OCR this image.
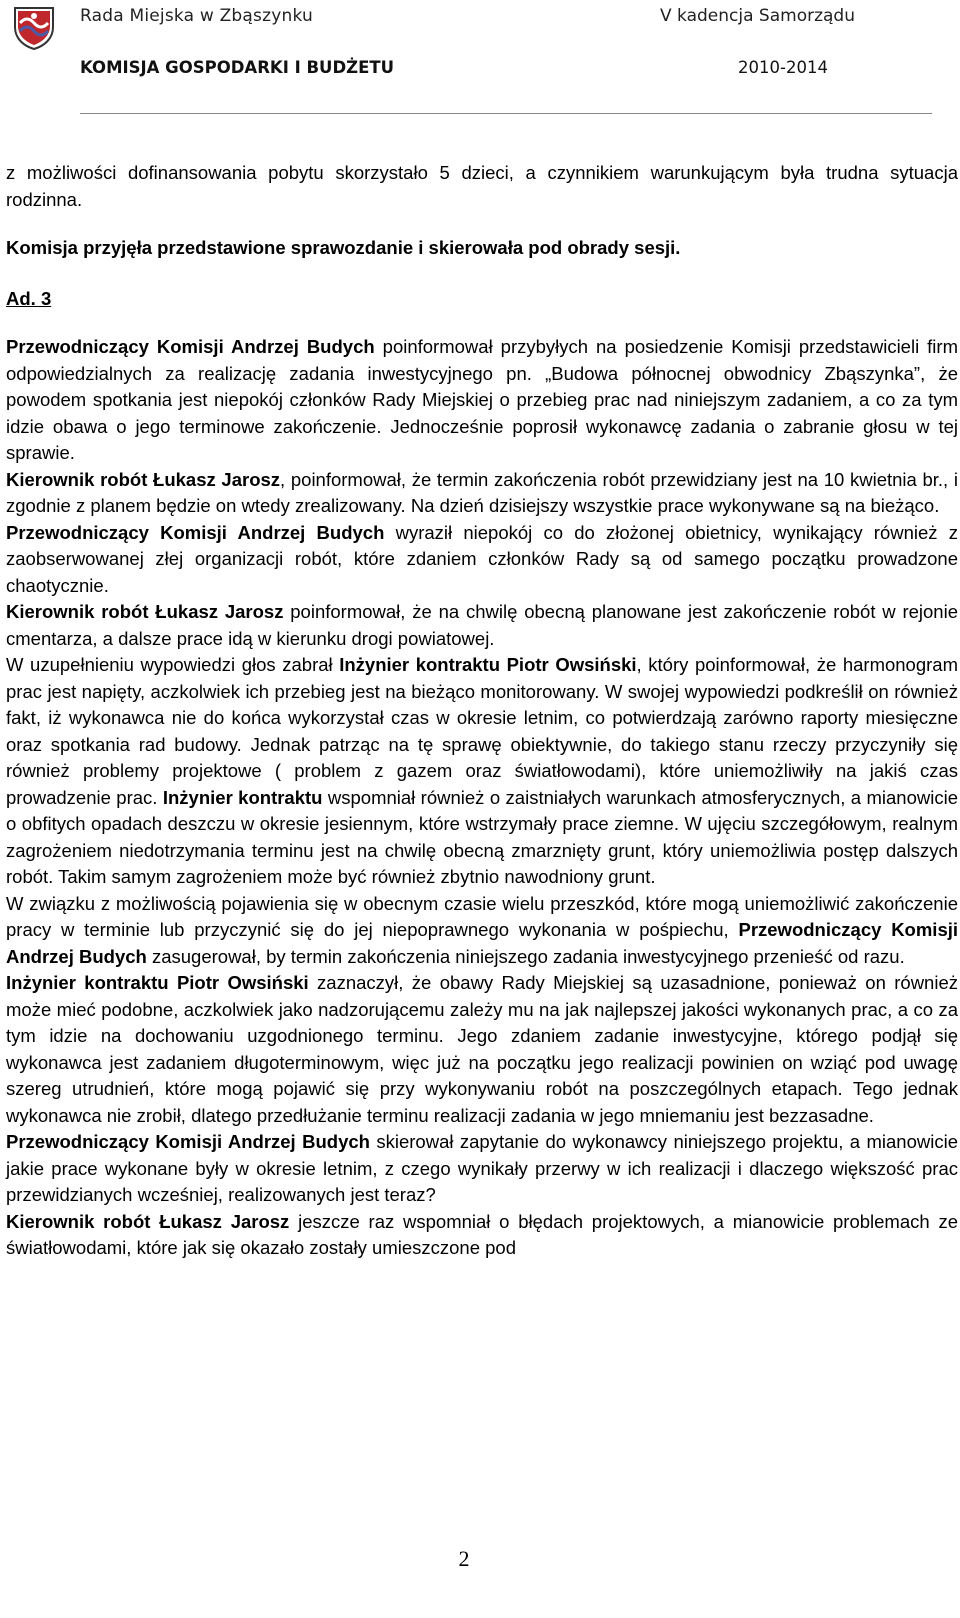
Rada Miejska w Zbąszynku	V kadencja Samorządu
KOMISJA GOSPODARKI I BUDŻETU	2010-2014

z możliwości dofinansowania pobytu skorzystało 5 dzieci, a czynnikiem warunkującym była trudna sytuacja rodzinna.

Komisja przyjęła przedstawione sprawozdanie i skierowała pod obrady sesji.

Ad. 3

Przewodniczący Komisji Andrzej Budych poinformował przybyłych na posiedzenie Komisji przedstawicieli firm odpowiedzialnych za realizację zadania inwestycyjnego pn. „Budowa północnej obwodnicy Zbąszynka”, że powodem spotkania jest niepokój członków Rady Miejskiej o przebieg prac nad niniejszym zadaniem, a co za tym idzie obawa o jego terminowe zakończenie. Jednocześnie poprosił wykonawcę zadania o zabranie głosu w tej sprawie.

Kierownik robót Łukasz Jarosz, poinformował, że termin zakończenia robót przewidziany jest na 10 kwietnia br., i zgodnie z planem będzie on wtedy zrealizowany. Na dzień dzisiejszy wszystkie prace wykonywane są na bieżąco.

Przewodniczący Komisji Andrzej Budych wyraził niepokój co do złożonej obietnicy, wynikający również z zaobserwowanej złej organizacji robót, które zdaniem członków Rady są od samego początku prowadzone chaotycznie.

Kierownik robót Łukasz Jarosz poinformował, że na chwilę obecną planowane jest zakończenie robót w rejonie cmentarza, a dalsze prace idą w kierunku drogi powiatowej.

W uzupełnieniu wypowiedzi głos zabrał Inżynier kontraktu Piotr Owsiński, który poinformował, że harmonogram prac jest napięty, aczkolwiek ich przebieg jest na bieżąco monitorowany. W swojej wypowiedzi podkreślił on również fakt, iż wykonawca nie do końca wykorzystał czas w okresie letnim, co potwierdzają zarówno raporty miesięczne oraz spotkania rad budowy. Jednak patrząc na tę sprawę obiektywnie, do takiego stanu rzeczy przyczyniły się również problemy projektowe ( problem z gazem oraz światłowodami), które uniemożliwiły na jakiś czas prowadzenie prac. Inżynier kontraktu wspomniał również o zaistniałych warunkach atmosferycznych, a mianowicie o obfitych opadach deszczu w okresie jesiennym, które wstrzymały prace ziemne. W ujęciu szczegółowym, realnym zagrożeniem niedotrzymania terminu jest na chwilę obecną zmarznięty grunt, który uniemożliwia postęp dalszych robót. Takim samym zagrożeniem może być również zbytnio nawodniony grunt.

W związku z możliwością pojawienia się w obecnym czasie wielu przeszkód, które mogą uniemożliwić zakończenie pracy w terminie lub przyczynić się do jej niepoprawnego wykonania w pośpiechu, Przewodniczący Komisji Andrzej Budych zasugerował, by termin zakończenia niniejszego zadania inwestycyjnego przenieść od razu.

Inżynier kontraktu Piotr Owsiński zaznaczył, że obawy Rady Miejskiej są uzasadnione, ponieważ on również może mieć podobne, aczkolwiek jako nadzorującemu zależy mu na jak najlepszej jakości wykonanych prac, a co za tym idzie na dochowaniu uzgodnionego terminu. Jego zdaniem zadanie inwestycyjne, którego podjął się wykonawca jest zadaniem długoterminowym, więc już na początku jego realizacji powinien on wziąć pod uwagę szereg utrudnień, które mogą pojawić się przy wykonywaniu robót na poszczególnych etapach. Tego jednak wykonawca nie zrobił, dlatego przedłużanie terminu realizacji zadania w jego mniemaniu jest bezzasadne.

Przewodniczący Komisji Andrzej Budych skierował zapytanie do wykonawcy niniejszego projektu, a mianowicie jakie prace wykonane były w okresie letnim, z czego wynikały przerwy w ich realizacji i dlaczego większość prac przewidzianych wcześniej, realizowanych jest teraz?

Kierownik robót Łukasz Jarosz jeszcze raz wspomniał o błędach projektowych, a mianowicie problemach ze światłowodami, które jak się okazało zostały umieszczone pod

2
